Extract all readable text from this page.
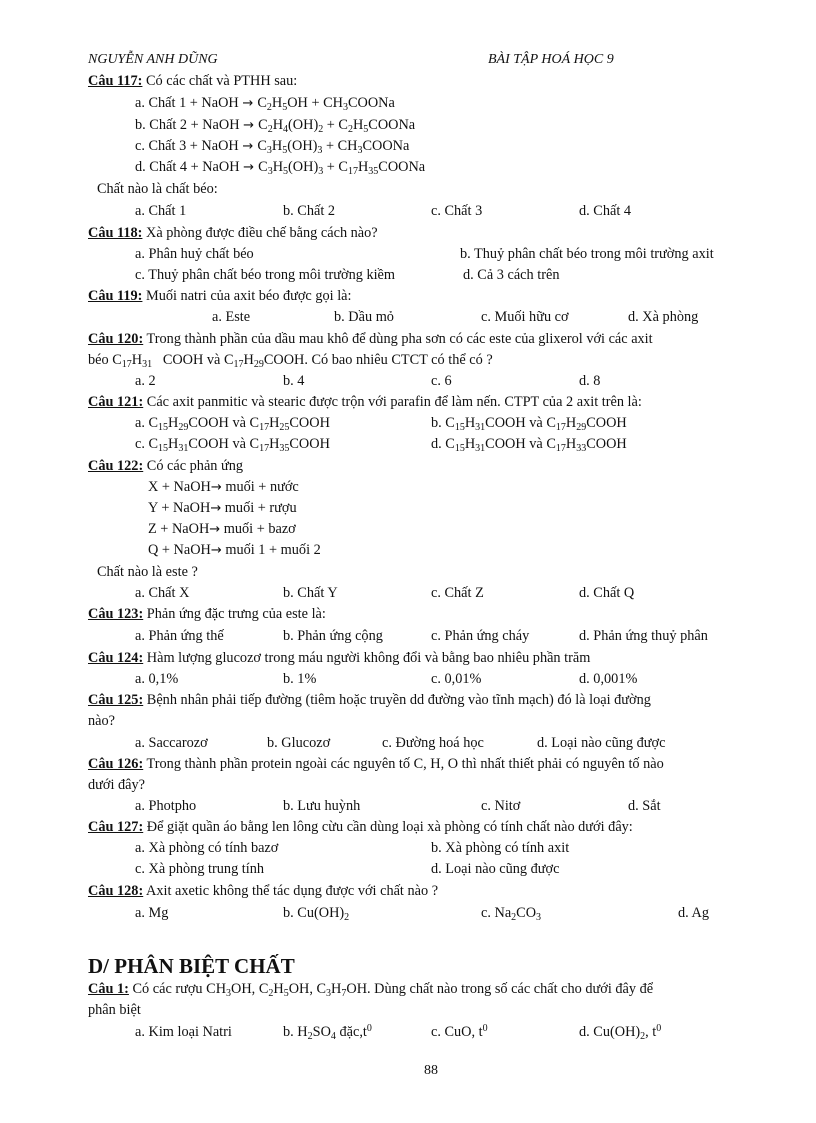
NGUYỄN ANH DŨNG	BÀI TẬP HOÁ HỌC 9
Câu 117: Có các chất và PTHH sau:
a. Chất 1 + NaOH → $C_2H_5OH$ + $CH_3COONa$
b. Chất 2 + NaOH → $C_2H_4(OH)_2$ + $C_2H_5COONa$
c. Chất 3 + NaOH → $C_3H_5(OH)_3$ + $CH_3COONa$
d. Chất 4 + NaOH → $C_3H_5(OH)_3$ + $C_{17}H_{35}COONa$
Chất nào là chất béo:
a. Chất 1	b. Chất 2	c. Chất 3	d. Chất 4
Câu 118: Xà phòng được điều chế bằng cách nào?
a. Phân huỷ chất béo	b. Thuỷ phân chất béo trong môi trường axit
c. Thuỷ phân chất béo trong môi trường kiềm	d. Cả 3 cách trên
Câu 119: Muối natri của axit béo được gọi là:
a. Este	b. Dầu mỏ	c. Muối hữu cơ	d. Xà phòng
Câu 120: Trong thành phần của dầu mau khô để dùng pha sơn có các este của glixerol với các axit
béo $C_{17}H_{31}$   COOH và $C_{17}H_{29}COOH$. Có bao nhiêu CTCT có thể có ?
a. 2	b. 4	c. 6	d. 8
Câu 121: Các axit panmitic và stearic được trộn với parafin để làm nến. CTPT của 2 axit trên là:
a. $C_{15}H_{29}COOH$ và $C_{17}H_{25}COOH$	b. $C_{15}H_{31}COOH$ và $C_{17}H_{29}COOH$
c. $C_{15}H_{31}COOH$ và $C_{17}H_{35}COOH$	d. $C_{15}H_{31}COOH$ và $C_{17}H_{33}COOH$
Câu 122: Có các phản ứng
X + NaOH→ muối + nước
Y + NaOH→ muối + rượu
Z + NaOH→ muối + bazơ
Q + NaOH→ muối 1 + muối 2
Chất nào là este ?
a. Chất X	b. Chất Y	c. Chất Z	d. Chất Q
Câu 123: Phản ứng đặc trưng của este là:
a. Phản ứng thế	b. Phản ứng cộng	c. Phản ứng cháy	d. Phản ứng thuỷ phân
Câu 124: Hàm lượng glucozơ trong máu người không đổi và bằng bao nhiêu phần trăm
a. 0,1%	b. 1%	c. 0,01%	d. 0,001%
Câu 125: Bệnh nhân phải tiếp đường (tiêm hoặc truyền dd đường vào tĩnh mạch) đó là loại đường
nào?
a. Saccarozơ	b. Glucozơ	c. Đường hoá học	d. Loại nào cũng được
Câu 126: Trong thành phần protein ngoài các nguyên tố C, H, O thì nhất thiết phải có nguyên tố nào
dưới đây?
a. Photpho	b. Lưu huỳnh	c. Nitơ	d. Sắt
Câu 127: Để giặt quần áo bằng len lông cừu cần dùng loại xà phòng có tính chất nào dưới đây:
a. Xà phòng có tính bazơ	b. Xà phòng có tính axit
c. Xà phòng trung tính	d. Loại nào cũng được
Câu 128: Axit axetic không thể tác dụng được với chất nào ?
a. Mg	b. $Cu(OH)_2$	c. $Na_2CO_3$	d. Ag
D/ PHÂN BIỆT CHẤT
Câu 1: Có các rượu $CH_3OH$, $C_2H_5OH$, $C_3H_7OH$. Dùng chất nào trong số các chất cho dưới đây để
phân biệt
a. Kim loại Natri	b. $H_2SO_4$ $đặc,t^0$	c. CuO, $t^0$	d. $Cu(OH)_2$, $t^0$
88
